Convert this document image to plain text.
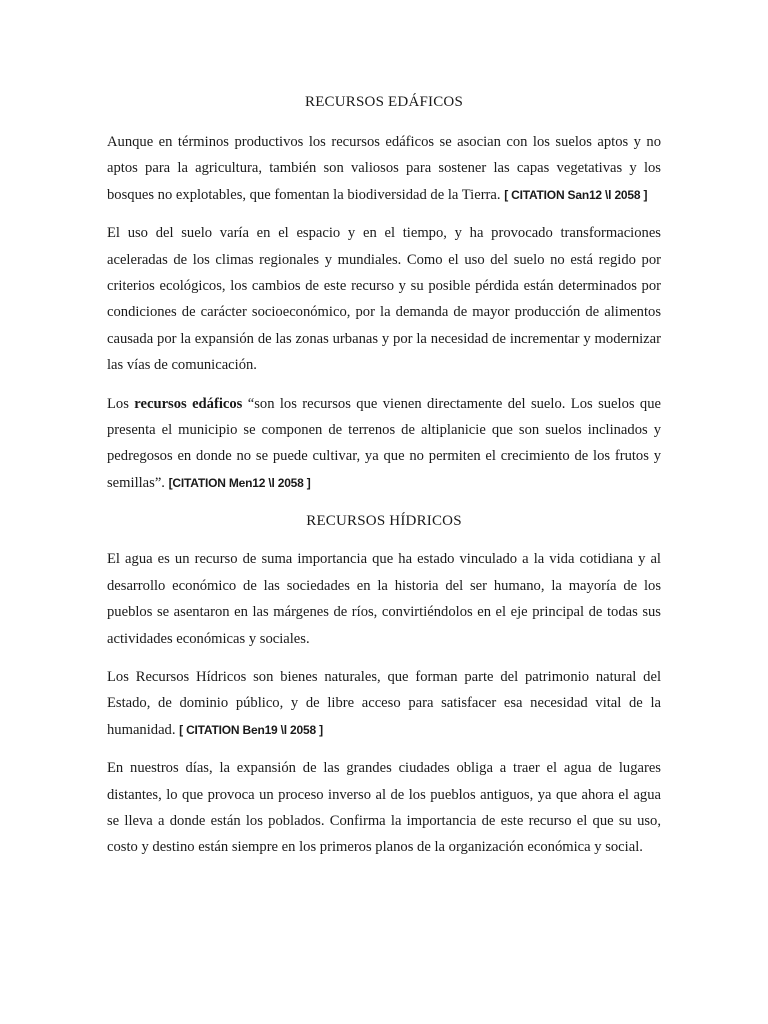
RECURSOS EDÁFICOS

Aunque en términos productivos los recursos edáficos se asocian con los suelos aptos y no aptos para la agricultura, también son valiosos para sostener las capas vegetativas y los bosques no explotables, que fomentan la biodiversidad de la Tierra. [ CITATION San12 \l 2058 ]

El uso del suelo varía en el espacio y en el tiempo, y ha provocado transformaciones aceleradas de los climas regionales y mundiales. Como el uso del suelo no está regido por criterios ecológicos, los cambios de este recurso y su posible pérdida están determinados por condiciones de carácter socioeconómico, por la demanda de mayor producción de alimentos causada por la expansión de las zonas urbanas y por la necesidad de incrementar y modernizar las vías de comunicación.

Los recursos edáficos “son los recursos que vienen directamente del suelo. Los suelos que presenta el municipio se componen de terrenos de altiplanicie que son suelos inclinados y pedregosos en donde no se puede cultivar, ya que no permiten el crecimiento de los frutos y semillas”. [CITATION Men12 \l 2058 ]

RECURSOS HÍDRICOS

El agua es un recurso de suma importancia que ha estado vinculado a la vida cotidiana y al desarrollo económico de las sociedades en la historia del ser humano, la mayoría de los pueblos se asentaron en las márgenes de ríos, convirtiéndolos en el eje principal de todas sus actividades económicas y sociales.

Los Recursos Hídricos son bienes naturales, que forman parte del patrimonio natural del Estado, de dominio público, y de libre acceso para satisfacer esa necesidad vital de la humanidad. [ CITATION Ben19 \l 2058 ]

En nuestros días, la expansión de las grandes ciudades obliga a traer el agua de lugares distantes, lo que provoca un proceso inverso al de los pueblos antiguos, ya que ahora el agua se lleva a donde están los poblados. Confirma la importancia de este recurso el que su uso, costo y destino están siempre en los primeros planos de la organización económica y social.
